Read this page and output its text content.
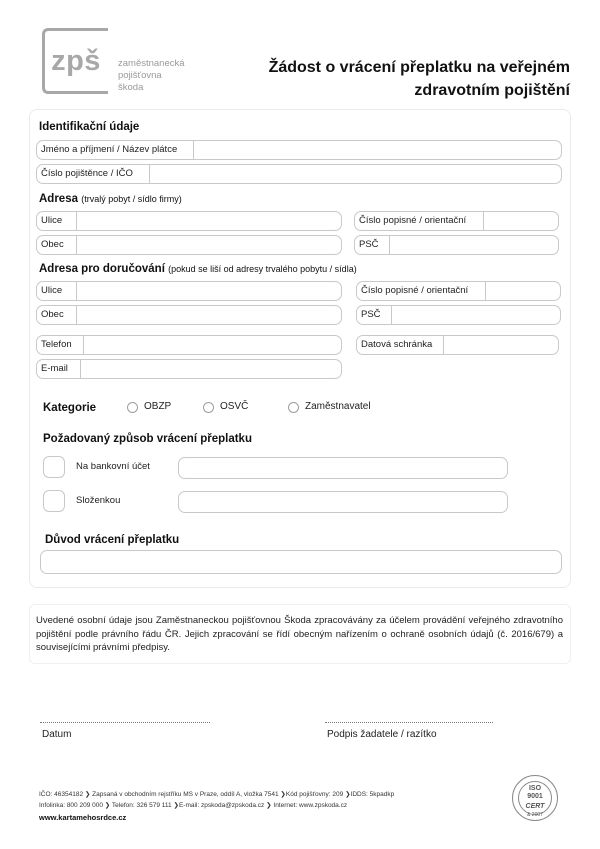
zpš	zaměstnanecká
pojišťovna
škoda
Žádost o vrácení přeplatku na veřejném
zdravotním pojištění
Identifikační údaje
Jméno a příjmení / Název plátce
Číslo pojištěnce / IČO
Adresa (trvalý pobyt / sídlo firmy)
Ulice	Číslo popisné / orientační
Obec	PSČ
Adresa pro doručování (pokud se liší od adresy trvalého pobytu / sídla)
Ulice	Číslo popisné / orientační
Obec	PSČ
Telefon	Datová schránka
E-mail
Kategorie	OBZP	OSVČ	Zaměstnavatel
Požadovaný způsob vrácení přeplatku
Na bankovní účet
Složenkou
Důvod vrácení přeplatku
Uvedené osobní údaje jsou Zaměstnaneckou pojišťovnou Škoda zpracovávány za účelem provádění veřejného zdravotního pojištění podle právního řádu ČR. Jejich zpracování se řídí obecným nařízením o ochraně osobních údajů (č. 2016/679) a souvisejícími právními předpisy.
Datum	Podpis žadatele / razítko
IČO: 46354182 ❯ Zapsaná v obchodním rejstříku MS v Praze, oddíl A, vložka 7541 ❯Kód pojišťovny: 209 ❯IDDS: 5kpadkp
Infolinka: 800 209 000 ❯ Telefon: 326 579 111 ❯E-mail: zpskoda@zpskoda.cz ❯ Internet: www.zpskoda.cz
www.kartamehosrdce.cz
ISO
9001
CERT
& 2007
